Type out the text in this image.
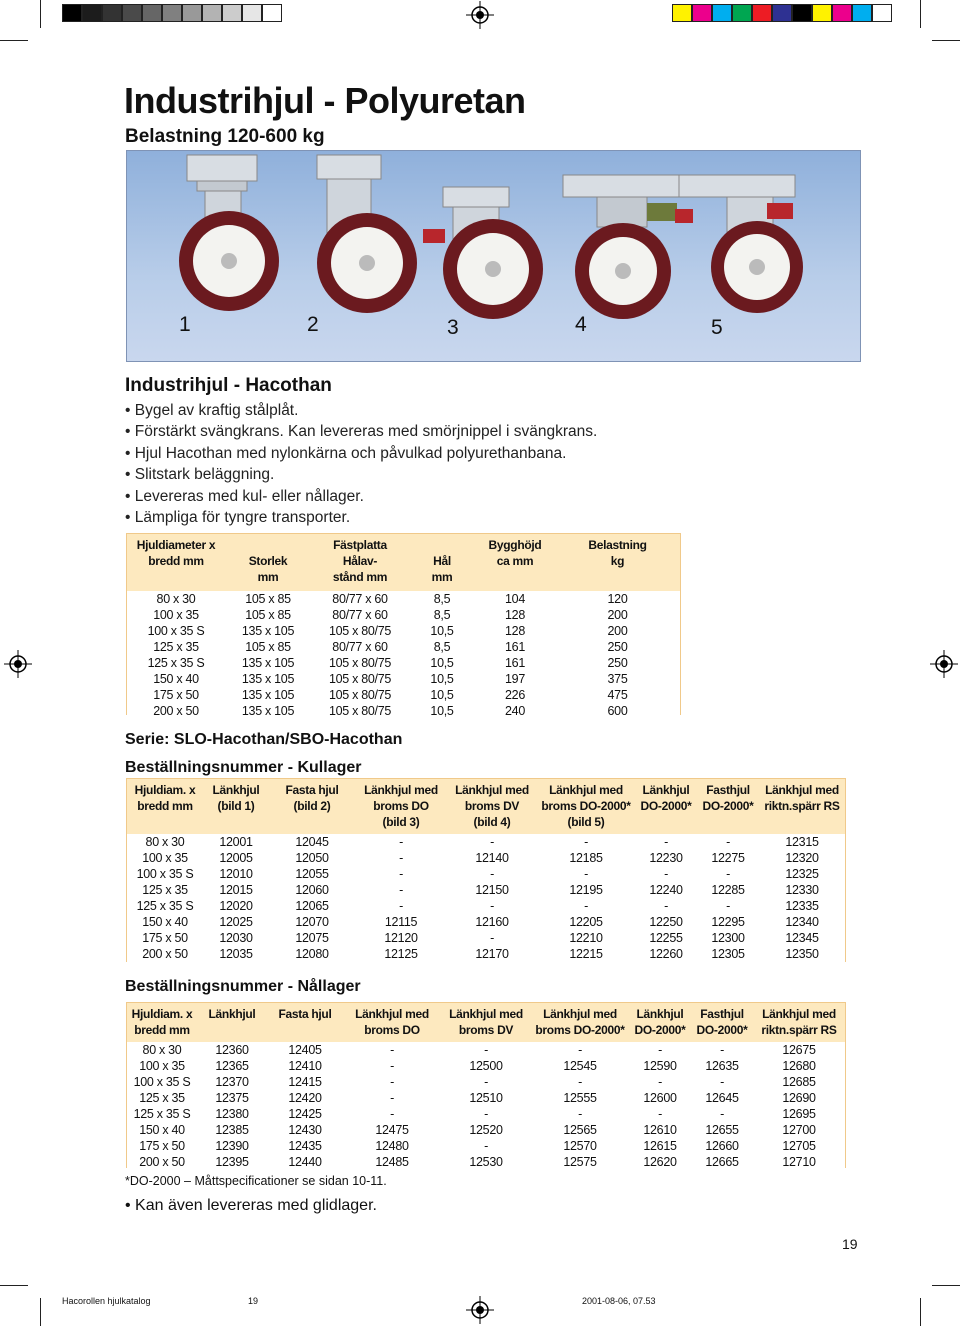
Industrihjul - Polyuretan
Belastning 120-600 kg
1	2	3	4	5
Industrihjul - Hacothan
• Bygel av kraftig stålplåt.
• Förstärkt svängkrans. Kan levereras med smörjnippel i svängkrans.
• Hjul Hacothan med nylonkärna och påvulkad polyurethanbana.
• Slitstark beläggning.
• Levereras med kul- eller nållager.
• Lämpliga för tyngre transporter.
Hjuldiameter x		Fästplatta		Bygghöjd	Belastning
bredd mm	Storlek	Hålav-	Hål	ca mm	kg
	mm	stånd mm	mm		

80 x 30	105 x 85	80/77 x 60	8,5	104	120
100 x 35	105 x 85	80/77 x 60	8,5	128	200
100 x 35 S	135 x 105	105 x 80/75	10,5	128	200
125 x 35	105 x 85	80/77 x 60	8,5	161	250
125 x 35 S	135 x 105	105 x 80/75	10,5	161	250
150 x 40	135 x 105	105 x 80/75	10,5	197	375
175 x 50	135 x 105	105 x 80/75	10,5	226	475
200 x 50	135 x 105	105 x 80/75	10,5	240	600
Serie: SLO-Hacothan/SBO-Hacothan
Beställningsnummer - Kullager
Hjuldiam. x	Länkhjul	Fasta hjul	Länkhjul med	Länkhjul med	Länkhjul med	Länkhjul	Fasthjul	Länkhjul med
bredd mm	(bild 1)	(bild 2)	broms DO	broms DV	broms DO-2000*	DO-2000*	DO-2000*	riktn.spärr RS
			(bild 3)	(bild 4)	(bild 5)			

80 x 30	12001	12045	-	-	-	-	-	12315
100 x 35	12005	12050	-	12140	12185	12230	12275	12320
100 x 35 S	12010	12055	-	-	-	-	-	12325
125 x 35	12015	12060	-	12150	12195	12240	12285	12330
125 x 35 S	12020	12065	-	-	-	-	-	12335
150 x 40	12025	12070	12115	12160	12205	12250	12295	12340
175 x 50	12030	12075	12120	-	12210	12255	12300	12345
200 x 50	12035	12080	12125	12170	12215	12260	12305	12350
Beställningsnummer - Nållager
Hjuldiam. x	Länkhjul	Fasta hjul	Länkhjul med	Länkhjul med	Länkhjul med	Länkhjul	Fasthjul	Länkhjul med
bredd mm			broms DO	broms DV	broms DO-2000*	DO-2000*	DO-2000*	riktn.spärr RS

80 x 30	12360	12405	-	-	-	-	-	12675
100 x 35	12365	12410	-	12500	12545	12590	12635	12680
100 x 35 S	12370	12415	-	-	-	-	-	12685
125 x 35	12375	12420	-	12510	12555	12600	12645	12690
125 x 35 S	12380	12425	-	-	-	-	-	12695
150 x 40	12385	12430	12475	12520	12565	12610	12655	12700
175 x 50	12390	12435	12480	-	12570	12615	12660	12705
200 x 50	12395	12440	12485	12530	12575	12620	12665	12710
*DO-2000 – Måttspecificationer se sidan 10-11.
• Kan även levereras med glidlager.
19
Hacorollen hjulkatalog	19	2001-08-06, 07.53
